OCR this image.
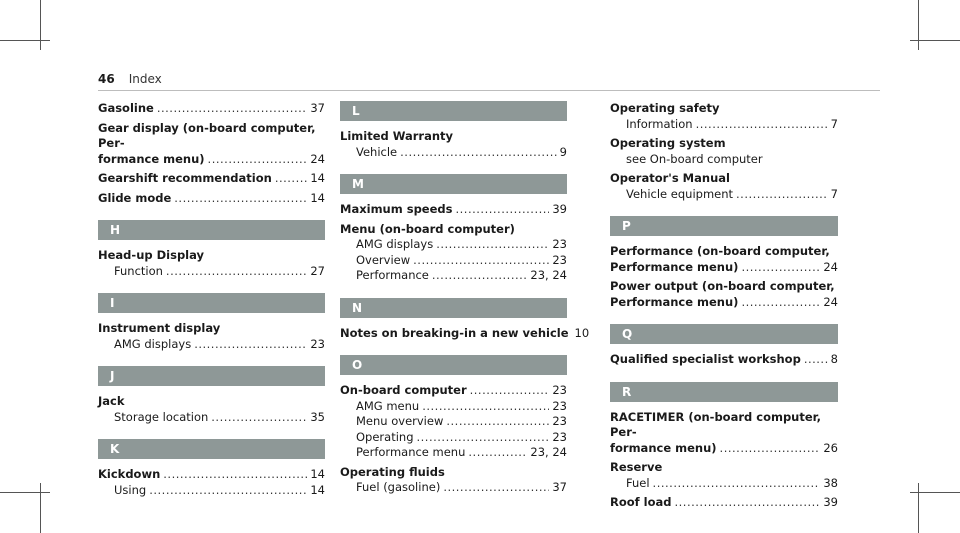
46 Index
Gasoline .....	37
Gear display (on-board computer, Per-
formance menu) .....	24
Gearshift recommendation .....	14
Glide mode .....	14
H
Head-up Display
Function .....	27
I
Instrument display
AMG displays .....	23
J
Jack
Storage location .....	35
K
Kickdown .....	14
Using .....	14
L
Limited Warranty
Vehicle .....	9
M
Maximum speeds .....	39
Menu (on-board computer)
AMG displays .....	23
Overview .....	23
Performance .....	23, 24
N
Notes on breaking-in a new vehicle 10
O
On-board computer .....	23
AMG menu .....	23
Menu overview .....	23
Operating .....	23
Performance menu .....	23, 24
Operating fluids
Fuel (gasoline) .....	37
Operating safety
Information .....	7
Operating system
see On-board computer
Operator's Manual
Vehicle equipment .....	7
P
Performance (on-board computer,
Performance menu) .....	24
Power output (on-board computer,
Performance menu) .....	24
Q
Qualified specialist workshop .....	8
R
RACETIMER (on-board computer, Per-
formance menu) .....	26
Reserve
Fuel .....	38
Roof load .....	39
